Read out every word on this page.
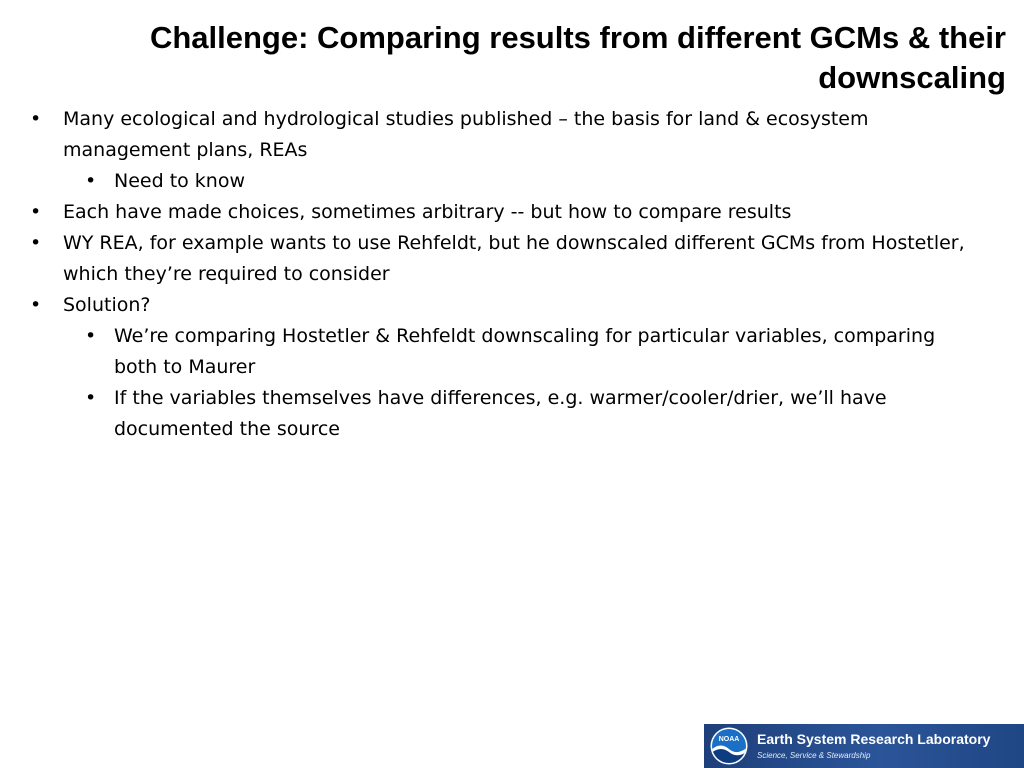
Challenge: Comparing results from different GCMs & their downscaling
• Many ecological and hydrological studies published – the basis for land & ecosystem management plans, REAs
• Need to know
• Each have made choices, sometimes arbitrary -- but how to compare results
• WY REA, for example wants to use Rehfeldt, but he downscaled different GCMs from Hostetler, which they’re required to consider
• Solution?
• We’re comparing Hostetler & Rehfeldt downscaling for particular variables, comparing both to Maurer
• If the variables themselves have differences, e.g. warmer/cooler/drier, we’ll have documented the source
NOAA Earth System Research Laboratory
Science, Service & Stewardship
